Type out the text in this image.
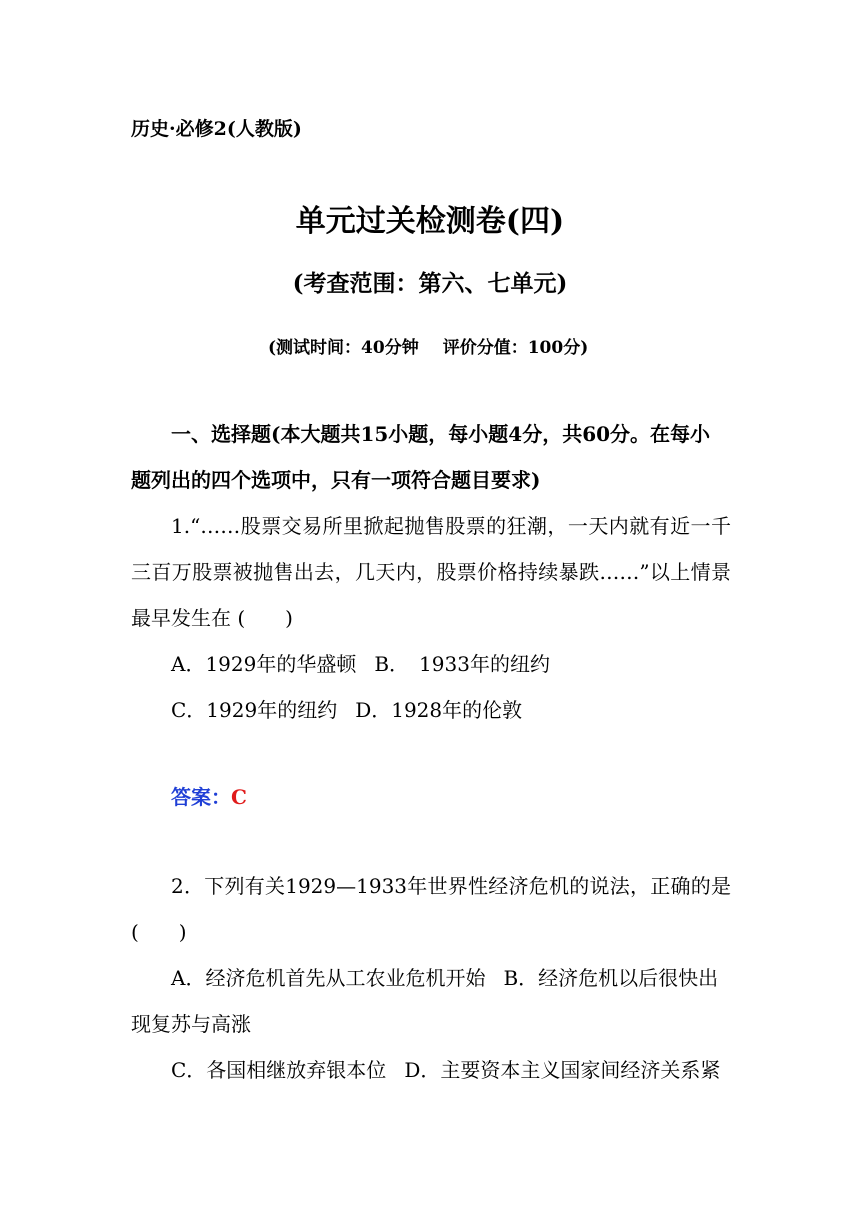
历史·必修2(人教版)
单元过关检测卷(四)
(考查范围：第六、七单元)
(测试时间：40分钟 评价分值：100分)
一、选择题(本大题共15小题，每小题4分，共60分。在每小
题列出的四个选项中，只有一项符合题目要求)
1.“……股票交易所里掀起抛售股票的狂潮，一天内就有近一千
三百万股票被抛售出去，几天内，股票价格持续暴跌……”以上情景
最早发生在 (　　)
A．1929年的华盛顿 B．　1933年的纽约
C．1929年的纽约 D．1928年的伦敦
答案：C
2．下列有关1929—1933年世界性经济危机的说法，正确的是
(　　)
A．经济危机首先从工农业危机开始 B．经济危机以后很快出
现复苏与高涨
C．各国相继放弃银本位 D．主要资本主义国家间经济关系紧
